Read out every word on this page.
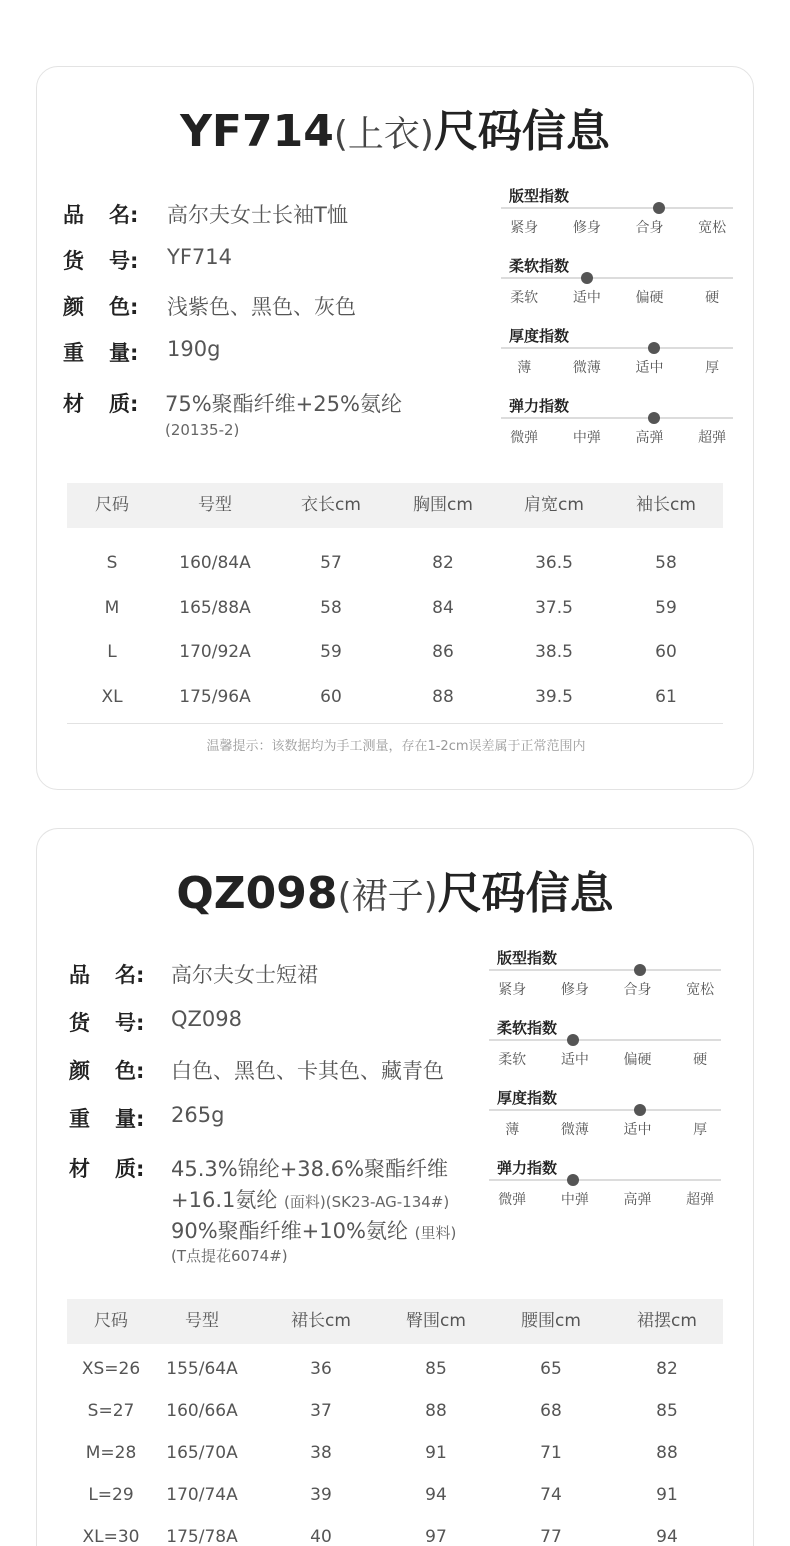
YF714(上衣)尺码信息
品 名: 高尔夫女士长袖T恤
货 号: YF714
颜 色: 浅紫色、黑色、灰色
重 量: 190g
材 质: 75%聚酯纤维+25%氨纶
(20135-2)
版型指数
紧身	修身	合身	宽松
柔软指数
柔软	适中	偏硬	硬
厚度指数
薄	微薄	适中	厚
弹力指数
微弹	中弹	高弹	超弹
尺码	号型	衣长cm	胸围cm	肩宽cm	袖长cm
S	160/84A	57	82	36.5	58
M	165/88A	58	84	37.5	59
L	170/92A	59	86	38.5	60
XL	175/96A	60	88	39.5	61
温馨提示：该数据均为手工测量，存在1-2cm误差属于正常范围内
QZ098(裙子)尺码信息
品 名: 高尔夫女士短裙
货 号: QZ098
颜 色: 白色、黑色、卡其色、藏青色
重 量: 265g
材 质: 45.3%锦纶+38.6%聚酯纤维
+16.1氨纶 (面料)(SK23-AG-134#)
90%聚酯纤维+10%氨纶 (里料)
(T点提花6074#)
版型指数
紧身	修身	合身	宽松
柔软指数
柔软	适中	偏硬	硬
厚度指数
薄	微薄	适中	厚
弹力指数
微弹	中弹	高弹	超弹
尺码	号型	裙长cm	臀围cm	腰围cm	裙摆cm
XS=26	155/64A	36	85	65	82
S=27	160/66A	37	88	68	85
M=28	165/70A	38	91	71	88
L=29	170/74A	39	94	74	91
XL=30	175/78A	40	97	77	94
